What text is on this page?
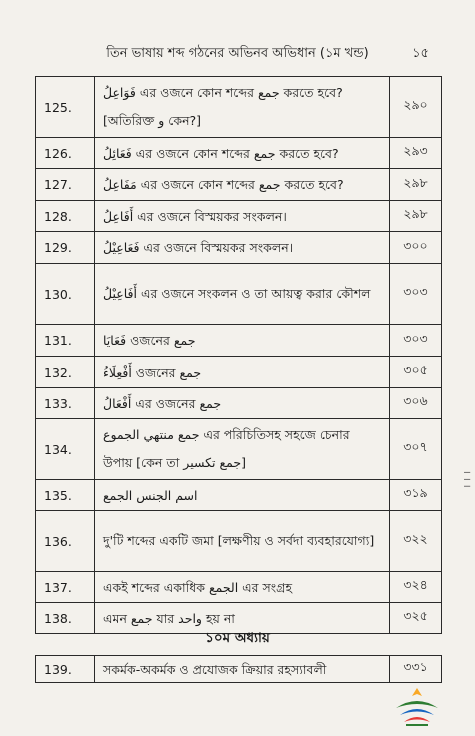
তিন ভাষায় শব্দ গঠনের অভিনব অভিধান (১ম খন্ড)	১৫
125.	فَوَاعِلُ এর ওজনে কোন শব্দের جمع করতে হবে? [অতিরিক্ত و কেন?]	২৯০
126.	فَعَائِلُ এর ওজনে কোন শব্দের جمع করতে হবে?	২৯৩
127.	مَفَاعِلُ এর ওজনে কোন শব্দের جمع করতে হবে?	২৯৮
128.	أَفَاعِلُ এর ওজনে বিস্ময়কর সংকলন।	২৯৮
129.	فَعَاعِيْلُ এর ওজনে বিস্ময়কর সংকলন।	৩০০
130.	أَفَاعِيْلُ এর ওজনে সংকলন ও তা আয়ত্ব করার কৌশল	৩০৩
131.	فَعَايَا ওজনের جمع	৩০৩
132.	أَفْعِلَاءُ ওজনের جمع	৩০৫
133.	أَفْعَالُ এর ওজনের جمع	৩০৬
134.	جمع منتهي الجموع এর পরিচিতিসহ সহজে চেনার উপায় [কেন তা جمع تكسير]	৩০৭
135.	اسم الجنس الجمع	৩১৯
136.	দু'টি শব্দের একটি জমা [লক্ষণীয় ও সর্বদা ব্যবহারযোগ্য]	৩২২
137.	একই শব্দের একাধিক الجمع এর সংগ্রহ	৩২৪
138.	এমন جمع যার واحد হয় না	৩২৫
১০ম অধ্যায়
139.	সকর্মক-অকর্মক ও প্রযোজক ক্রিয়ার রহস্যাবলী	৩৩১
। । ।
